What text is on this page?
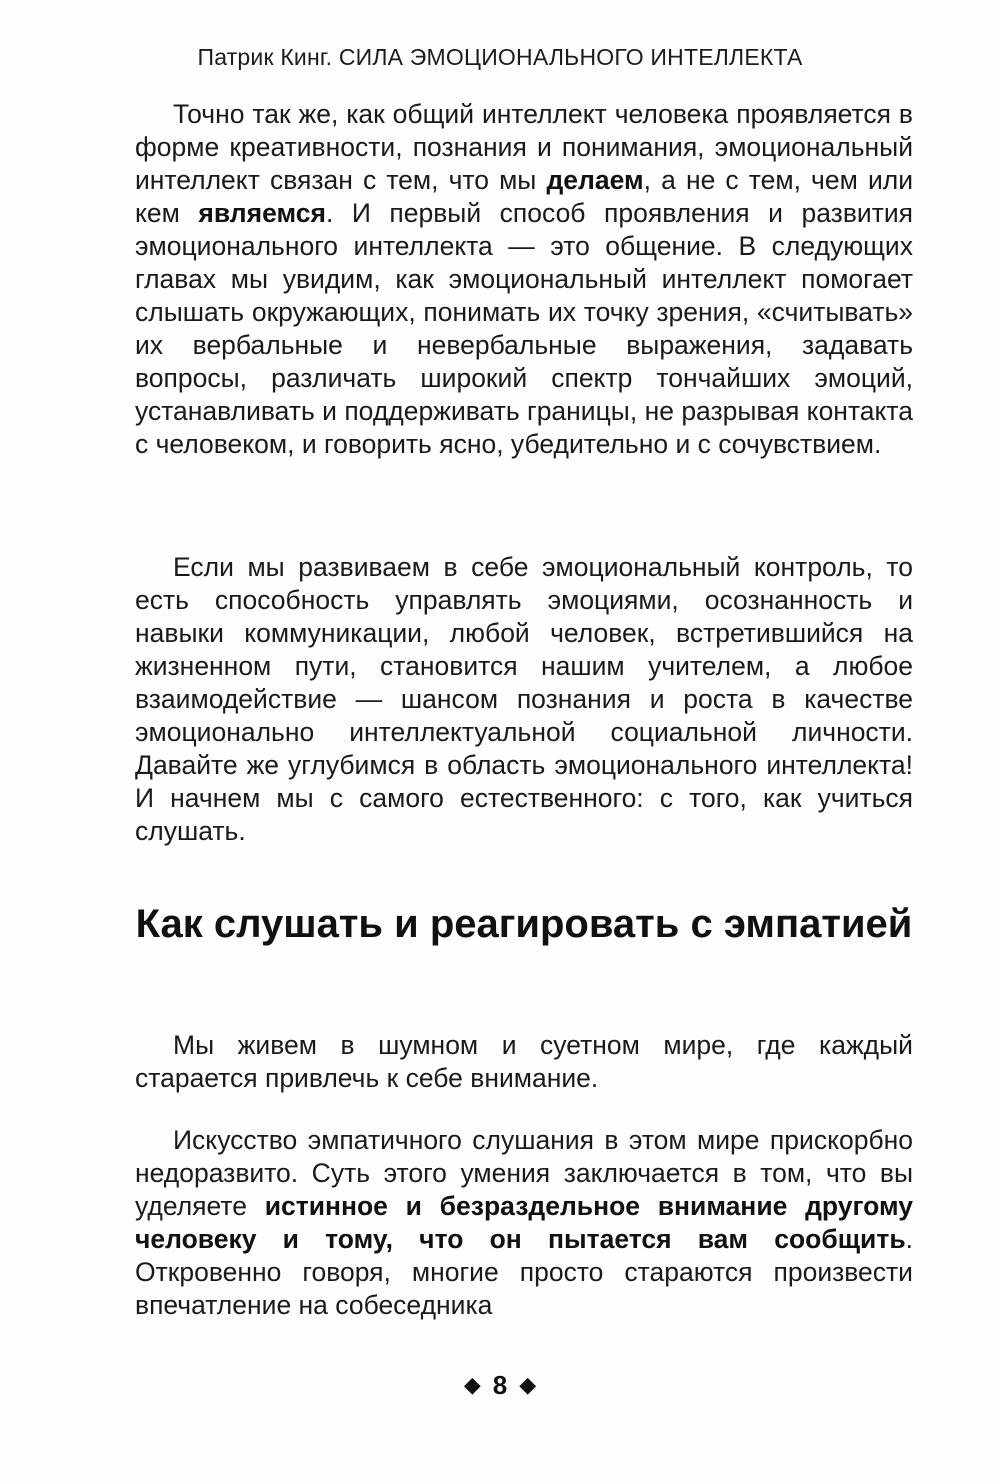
Патрик Кинг. СИЛА ЭМОЦИОНАЛЬНОГО ИНТЕЛЛЕКТА

Точно так же, как общий интеллект человека проявляется в форме креативности, познания и понимания, эмоциональный интеллект связан с тем, что мы делаем, а не с тем, чем или кем являемся. И первый способ проявления и развития эмоционального интеллекта — это общение. В следующих главах мы увидим, как эмоциональный интеллект помогает слышать окружающих, понимать их точку зрения, «считывать» их вербальные и невербальные выражения, задавать вопросы, различать широкий спектр тончайших эмоций, устанавливать и поддерживать границы, не разрывая контакта с человеком, и говорить ясно, убедительно и с сочувствием.

Если мы развиваем в себе эмоциональный контроль, то есть способность управлять эмоциями, осознанность и навыки коммуникации, любой человек, встретившийся на жизненном пути, становится нашим учителем, а любое взаимодействие — шансом познания и роста в качестве эмоционально интеллектуальной социальной личности. Давайте же углубимся в область эмоционального интеллекта! И начнем мы с самого естественного: с того, как учиться слушать.

Как слушать и реагировать с эмпатией

Мы живем в шумном и суетном мире, где каждый старается привлечь к себе внимание.

Искусство эмпатичного слушания в этом мире прискорбно недоразвито. Суть этого умения заключается в том, что вы уделяете истинное и безраздельное внимание другому человеку и тому, что он пытается вам сообщить. Откровенно говоря, многие просто стараются произвести впечатление на собеседника

◆ 8 ◆
